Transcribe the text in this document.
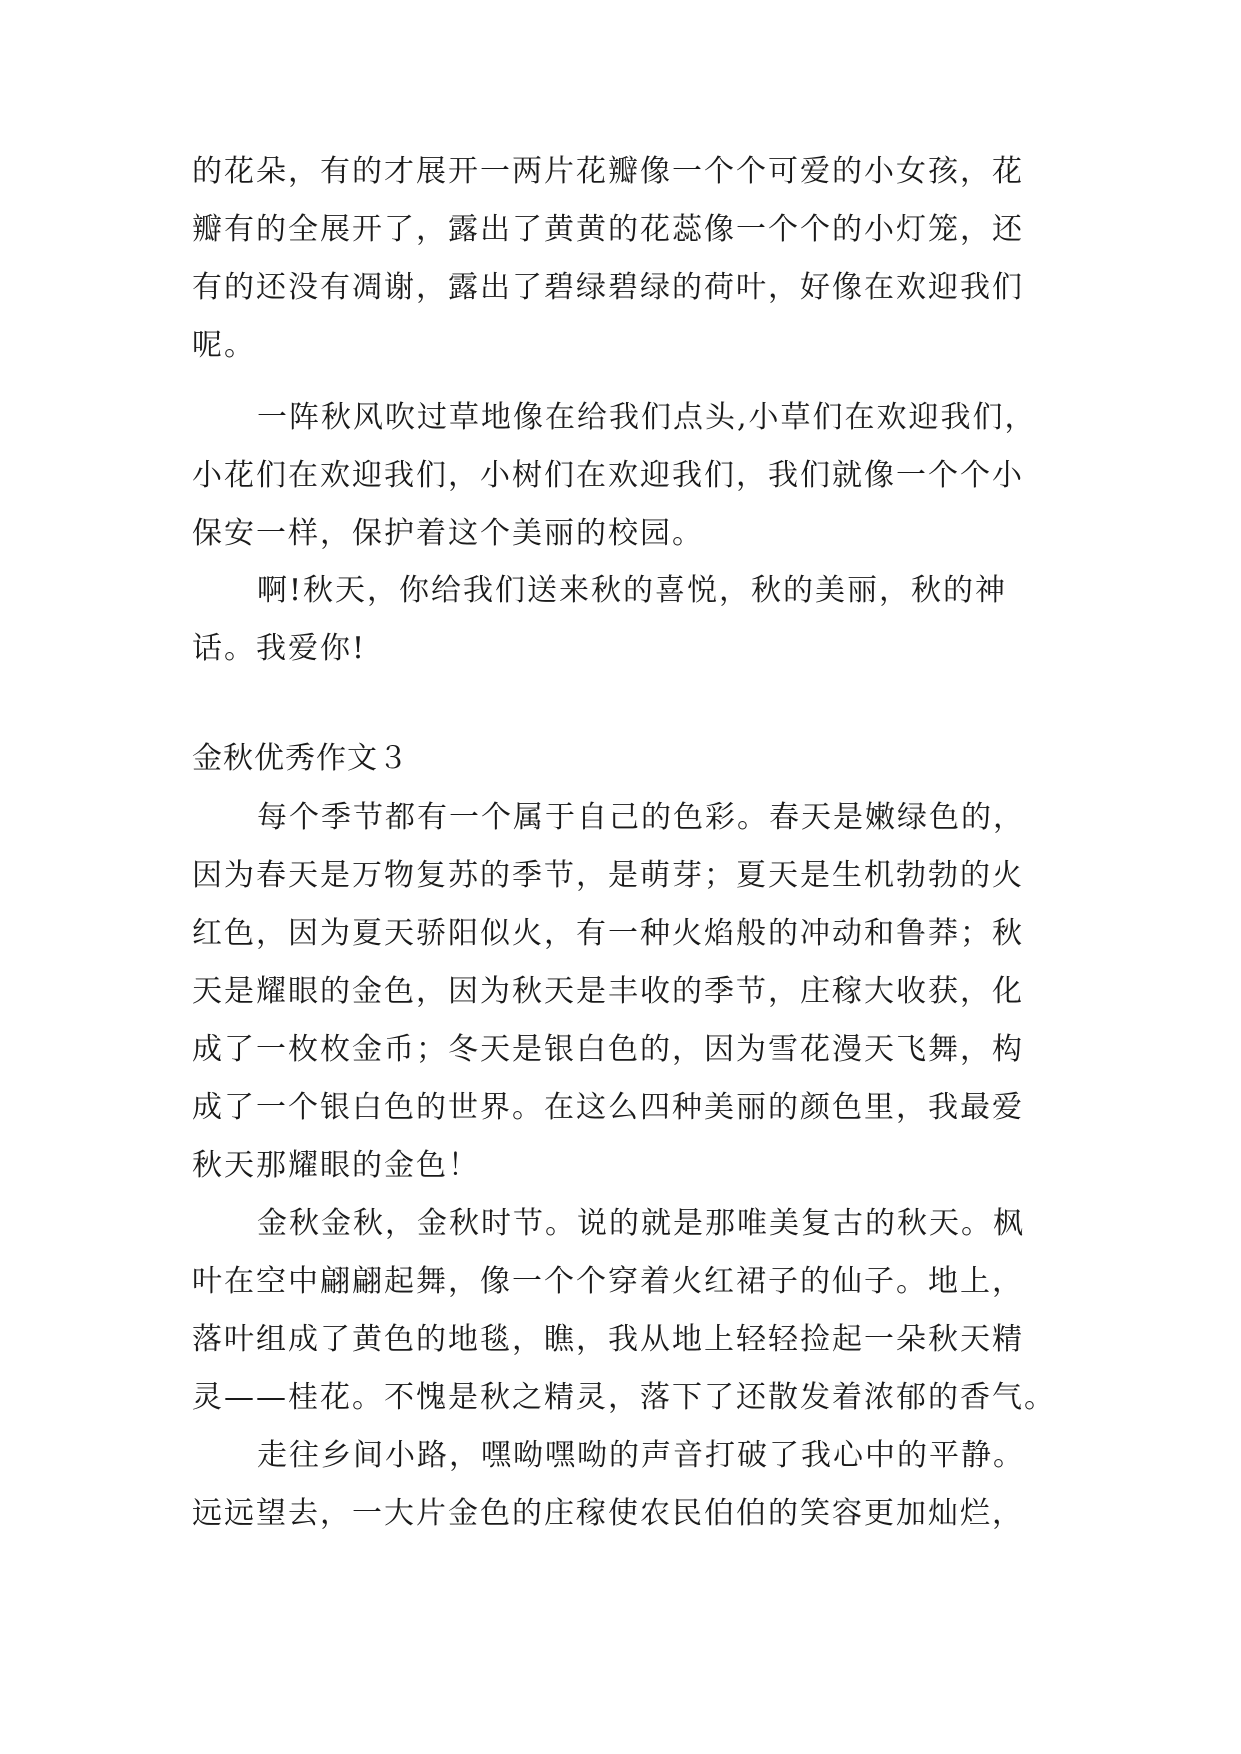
的花朵，有的才展开一两片花瓣像一个个可爱的小女孩，花
瓣有的全展开了，露出了黄黄的花蕊像一个个的小灯笼，还
有的还没有凋谢，露出了碧绿碧绿的荷叶，好像在欢迎我们
呢。
一阵秋风吹过草地像在给我们点头,小草们在欢迎我们，
小花们在欢迎我们，小树们在欢迎我们，我们就像一个个小
保安一样，保护着这个美丽的校园。
啊!秋天，你给我们送来秋的喜悦，秋的美丽，秋的神
话。我爱你!
金秋优秀作文３
每个季节都有一个属于自己的色彩。春天是嫩绿色的，
因为春天是万物复苏的季节，是萌芽；夏天是生机勃勃的火
红色，因为夏天骄阳似火，有一种火焰般的冲动和鲁莽；秋
天是耀眼的金色，因为秋天是丰收的季节，庄稼大收获，化
成了一枚枚金币；冬天是银白色的，因为雪花漫天飞舞，构
成了一个银白色的世界。在这么四种美丽的颜色里，我最爱
秋天那耀眼的金色！
金秋金秋，金秋时节。说的就是那唯美复古的秋天。枫
叶在空中翩翩起舞，像一个个穿着火红裙子的仙子。地上，
落叶组成了黄色的地毯，瞧，我从地上轻轻捡起一朵秋天精
灵——桂花。不愧是秋之精灵，落下了还散发着浓郁的香气。
走往乡间小路，嘿呦嘿呦的声音打破了我心中的平静。
远远望去，一大片金色的庄稼使农民伯伯的笑容更加灿烂，
